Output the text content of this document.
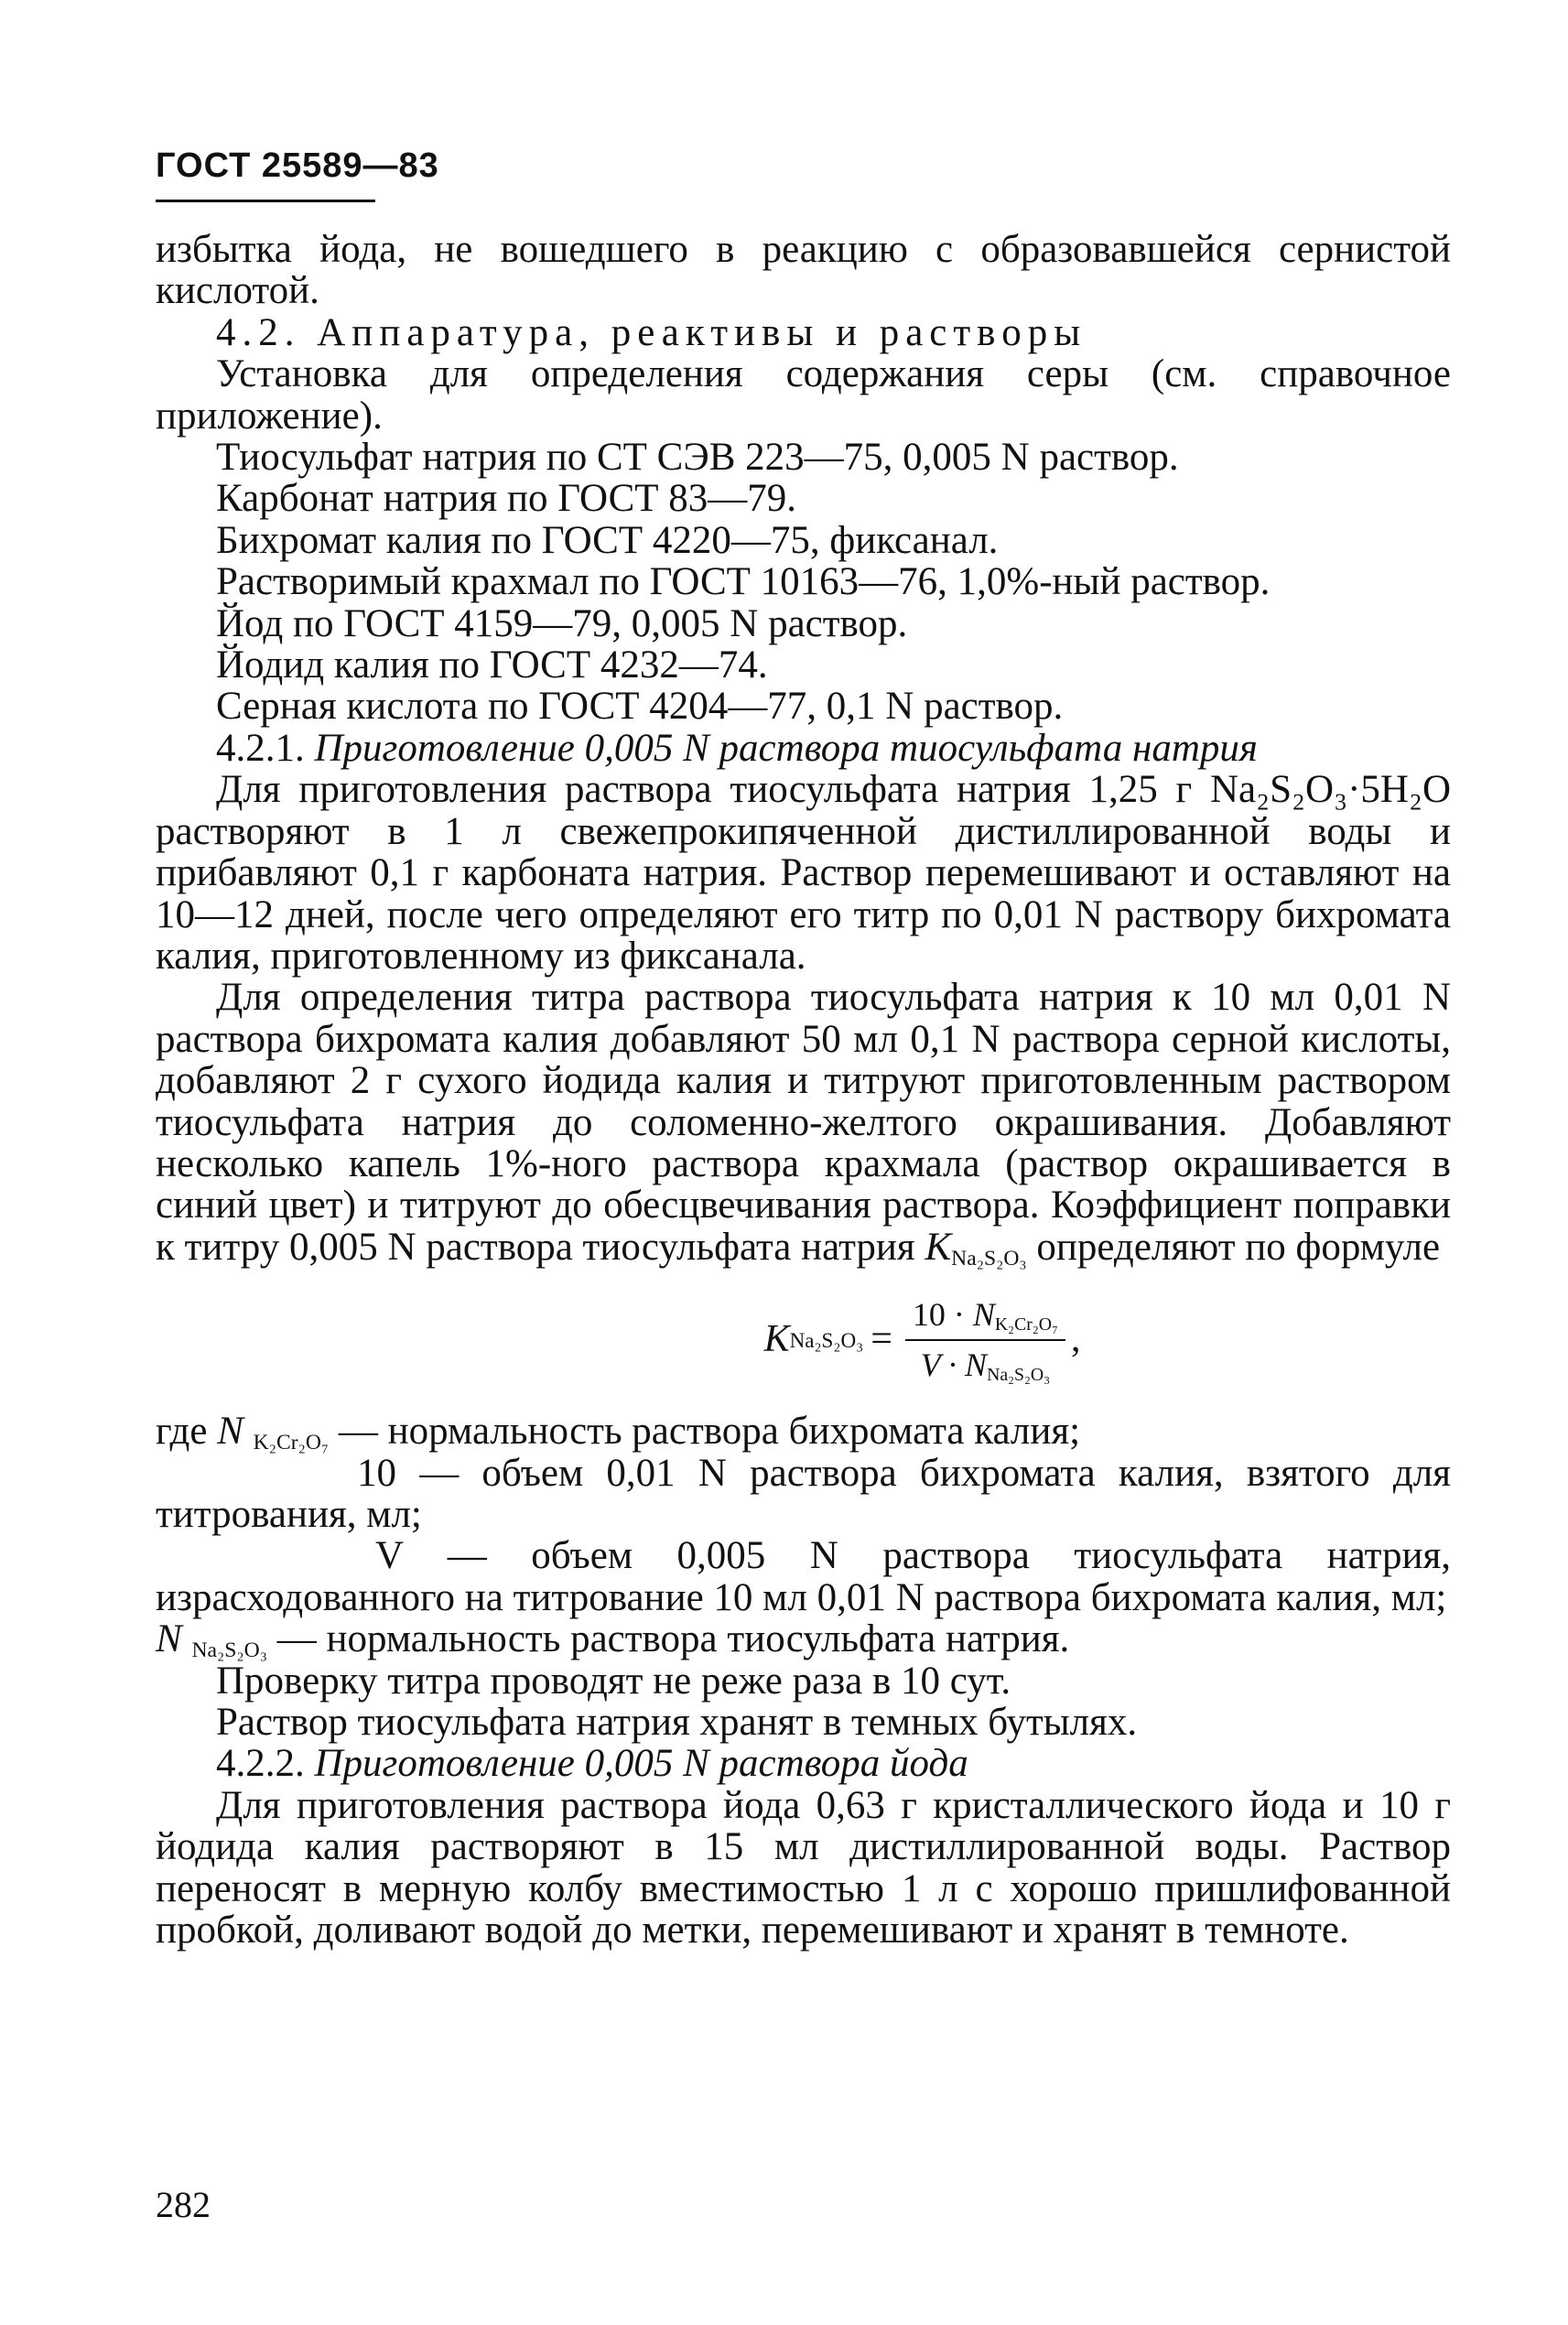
ГОСТ 25589—83

избытка йода, не вошедшего в реакцию с образовавшейся сернистой кислотой.

4.2. Аппаратура, реактивы и растворы

Установка для определения содержания серы (см. справочное приложение).

Тиосульфат натрия по СТ СЭВ 223—75, 0,005 N раствор.

Карбонат натрия по ГОСТ 83—79.

Бихромат калия по ГОСТ 4220—75, фиксанал.

Растворимый крахмал по ГОСТ 10163—76, 1,0%-ный раствор.

Йод по ГОСТ 4159—79, 0,005 N раствор.

Йодид калия по ГОСТ 4232—74.

Серная кислота по ГОСТ 4204—77, 0,1 N раствор.

4.2.1. Приготовление 0,005 N раствора тиосульфата натрия

Для приготовления раствора тиосульфата натрия 1,25 г Na₂S₂O₃·5H₂O растворяют в 1 л свежепрокипяченной дистиллированной воды и прибавляют 0,1 г карбоната натрия. Раствор перемешивают и оставляют на 10—12 дней, после чего определяют его титр по 0,01 N раствору бихромата калия, приготовленному из фиксанала.

Для определения титра раствора тиосульфата натрия к 10 мл 0,01 N раствора бихромата калия добавляют 50 мл 0,1 N раствора серной кислоты, добавляют 2 г сухого йодида калия и титруют приготовленным раствором тиосульфата натрия до соломенно-желтого окрашивания. Добавляют несколько капель 1%-ного раствора крахмала (раствор окрашивается в синий цвет) и титруют до обесцвечивания раствора. Коэффициент поправки к титру 0,005 N раствора тиосульфата натрия $K_{Na_2S_2O_3}$ определяют по формуле

K $Na_2S_2O_3 = \frac{10 \cdot N_{K_2Cr_2O_7}}{V \cdot N_{Na_2S_2O_3}}$ ,

где N $_{K_2Cr_2O_7}$ — нормальность раствора бихромата калия;

10 — объем 0,01 N раствора бихромата калия, взятого для титрования, мл;

V — объем 0,005 N раствора тиосульфата натрия, израсходованного на титрование 10 мл 0,01 N раствора бихромата калия, мл;

N $_{Na_2S_2O_3}$ — нормальность раствора тиосульфата натрия.

Проверку титра проводят не реже раза в 10 сут.

Раствор тиосульфата натрия хранят в темных бутылях.

4.2.2. Приготовление 0,005 N раствора йода

Для приготовления раствора йода 0,63 г кристаллического йода и 10 г йодида калия растворяют в 15 мл дистиллированной воды. Раствор переносят в мерную колбу вместимостью 1 л с хорошо пришлифованной пробкой, доливают водой до метки, перемешивают и хранят в темноте.

282
